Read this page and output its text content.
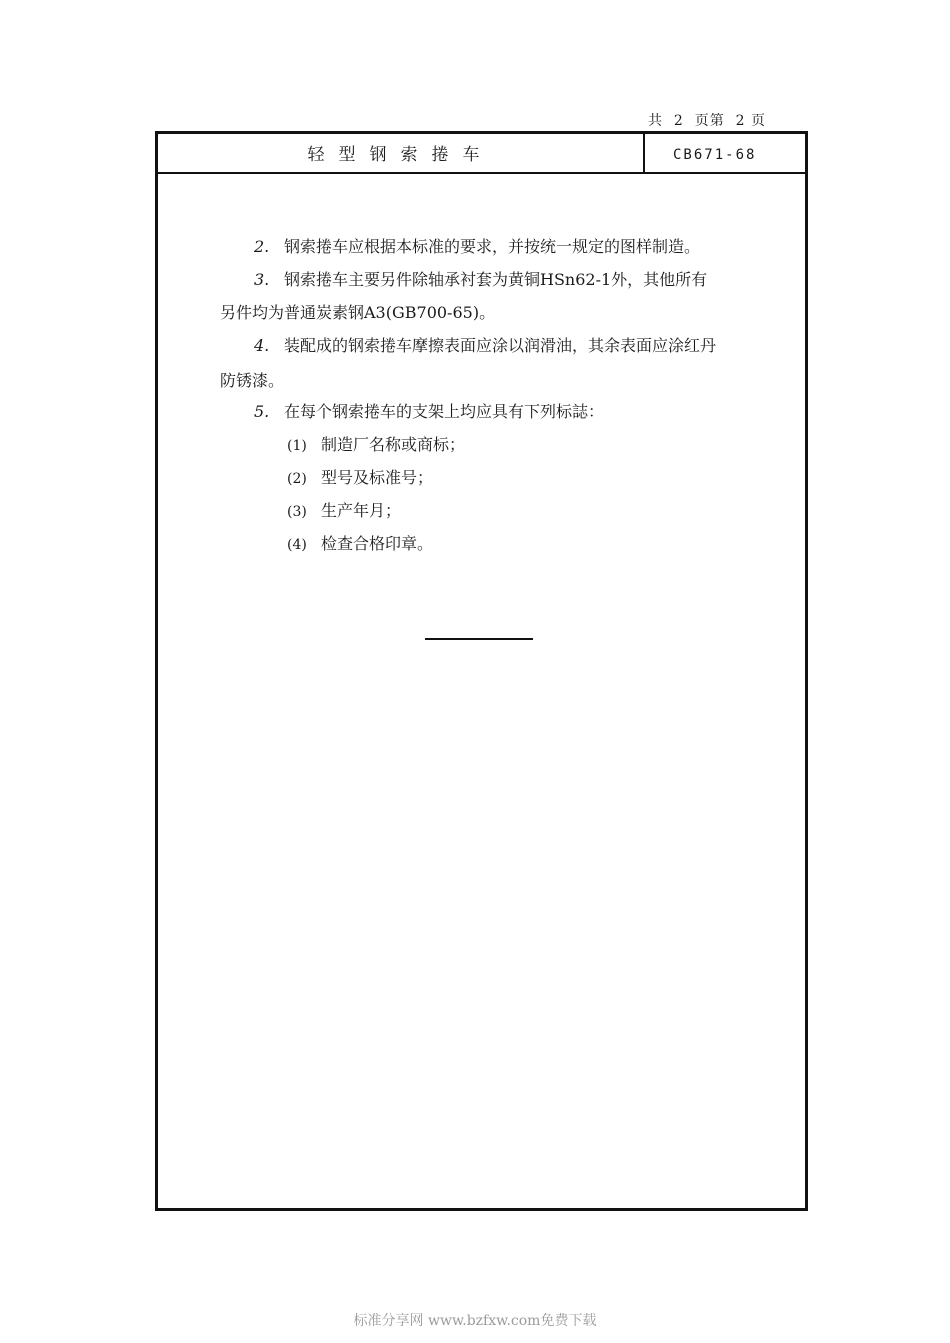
共 2 页第 2 页
轻型钢索捲车	CB671-68
2. 钢索捲车应根据本标准的要求，并按统一规定的图样制造。
3. 钢索捲车主要另件除轴承衬套为黄铜HSn62-1外，其他所有
另件均为普通炭素钢A3(GB700-65)。
4. 装配成的钢索捲车摩擦表面应涂以润滑油，其余表面应涂红丹
防锈漆。
5. 在每个钢索捲车的支架上均应具有下列标誌：
(1) 制造厂名称或商标；
(2) 型号及标准号；
(3) 生产年月；
(4) 检查合格印章。
标准分享网 www.bzfxw.com免费下载
